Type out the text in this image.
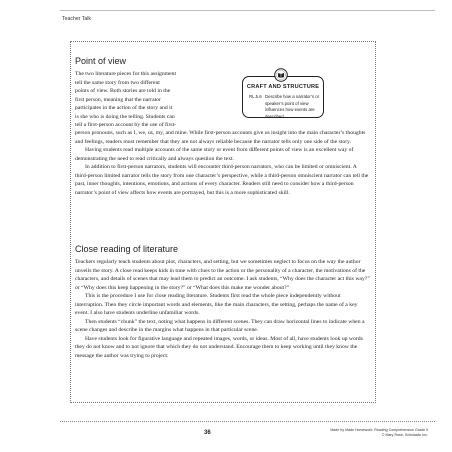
Teacher Talk
Point of view
The two literature pieces for this assignment
tell the same story from two different
points of view. Both stories are told in the
first person, meaning that the narrator
participates in the action of the story and it
is she who is doing the telling. Students can
tell a first-person account by the use of first-
person pronouns, such as I, we, us, my, and mine. While first-person accounts give us insight into the main character’s thoughts and feelings, readers must remember that they are not always reliable because the narrator tells only one side of the story.
Having students read multiple accounts of the same story or event from different points of view is an excellent way of demonstrating the need to read critically and always question the text.
In addition to first-person narrators, students will encounter third-person narrators, who can be limited or omniscient. A third-person limited narrator tells the story from one character’s perspective, while a third-person omniscient narrator can tell the past, inner thoughts, intentions, emotions, and actions of every character. Readers still need to consider how a third-person narrator’s point of view affects how events are portrayed, but this is a more sophisticated skill.
CRAFT AND STRUCTURE
RL.5.6 Describe how a narrator’s or speaker’s point of view influences how events are described.
Close reading of literature
Teachers regularly teach students about plot, characters, and setting, but we sometimes neglect to focus on the way the author unveils the story. A close read keeps kids in tune with clues to the action or the personality of a character, the motivations of the characters, and details of scenes that may lead them to predict an outcome. I ask students, “Why does the character act this way?” or “Why does this keep happening in the story?” or “What does this make me wonder about?”
This is the procedure I use for close reading literature. Students first read the whole piece independently without interruption. Then they circle important words and elements, like the main characters, the setting, perhaps the name of a key event. I also have students underline unfamiliar words.
Then students “chunk” the text, noting what happens in different scenes. They can draw horizontal lines to indicate when a scene changes and describe in the margins what happens in that particular scene.
Have students look for figurative language and repeated images, words, or ideas. Most of all, have students look up words they do not know and to not ignore that which they do not understand. Encourage them to keep working until they know the message the author was trying to project.
36	Made by Made Homework: Reading Comprehension Grade 5
© Mary Rose, Scholastic Inc.
